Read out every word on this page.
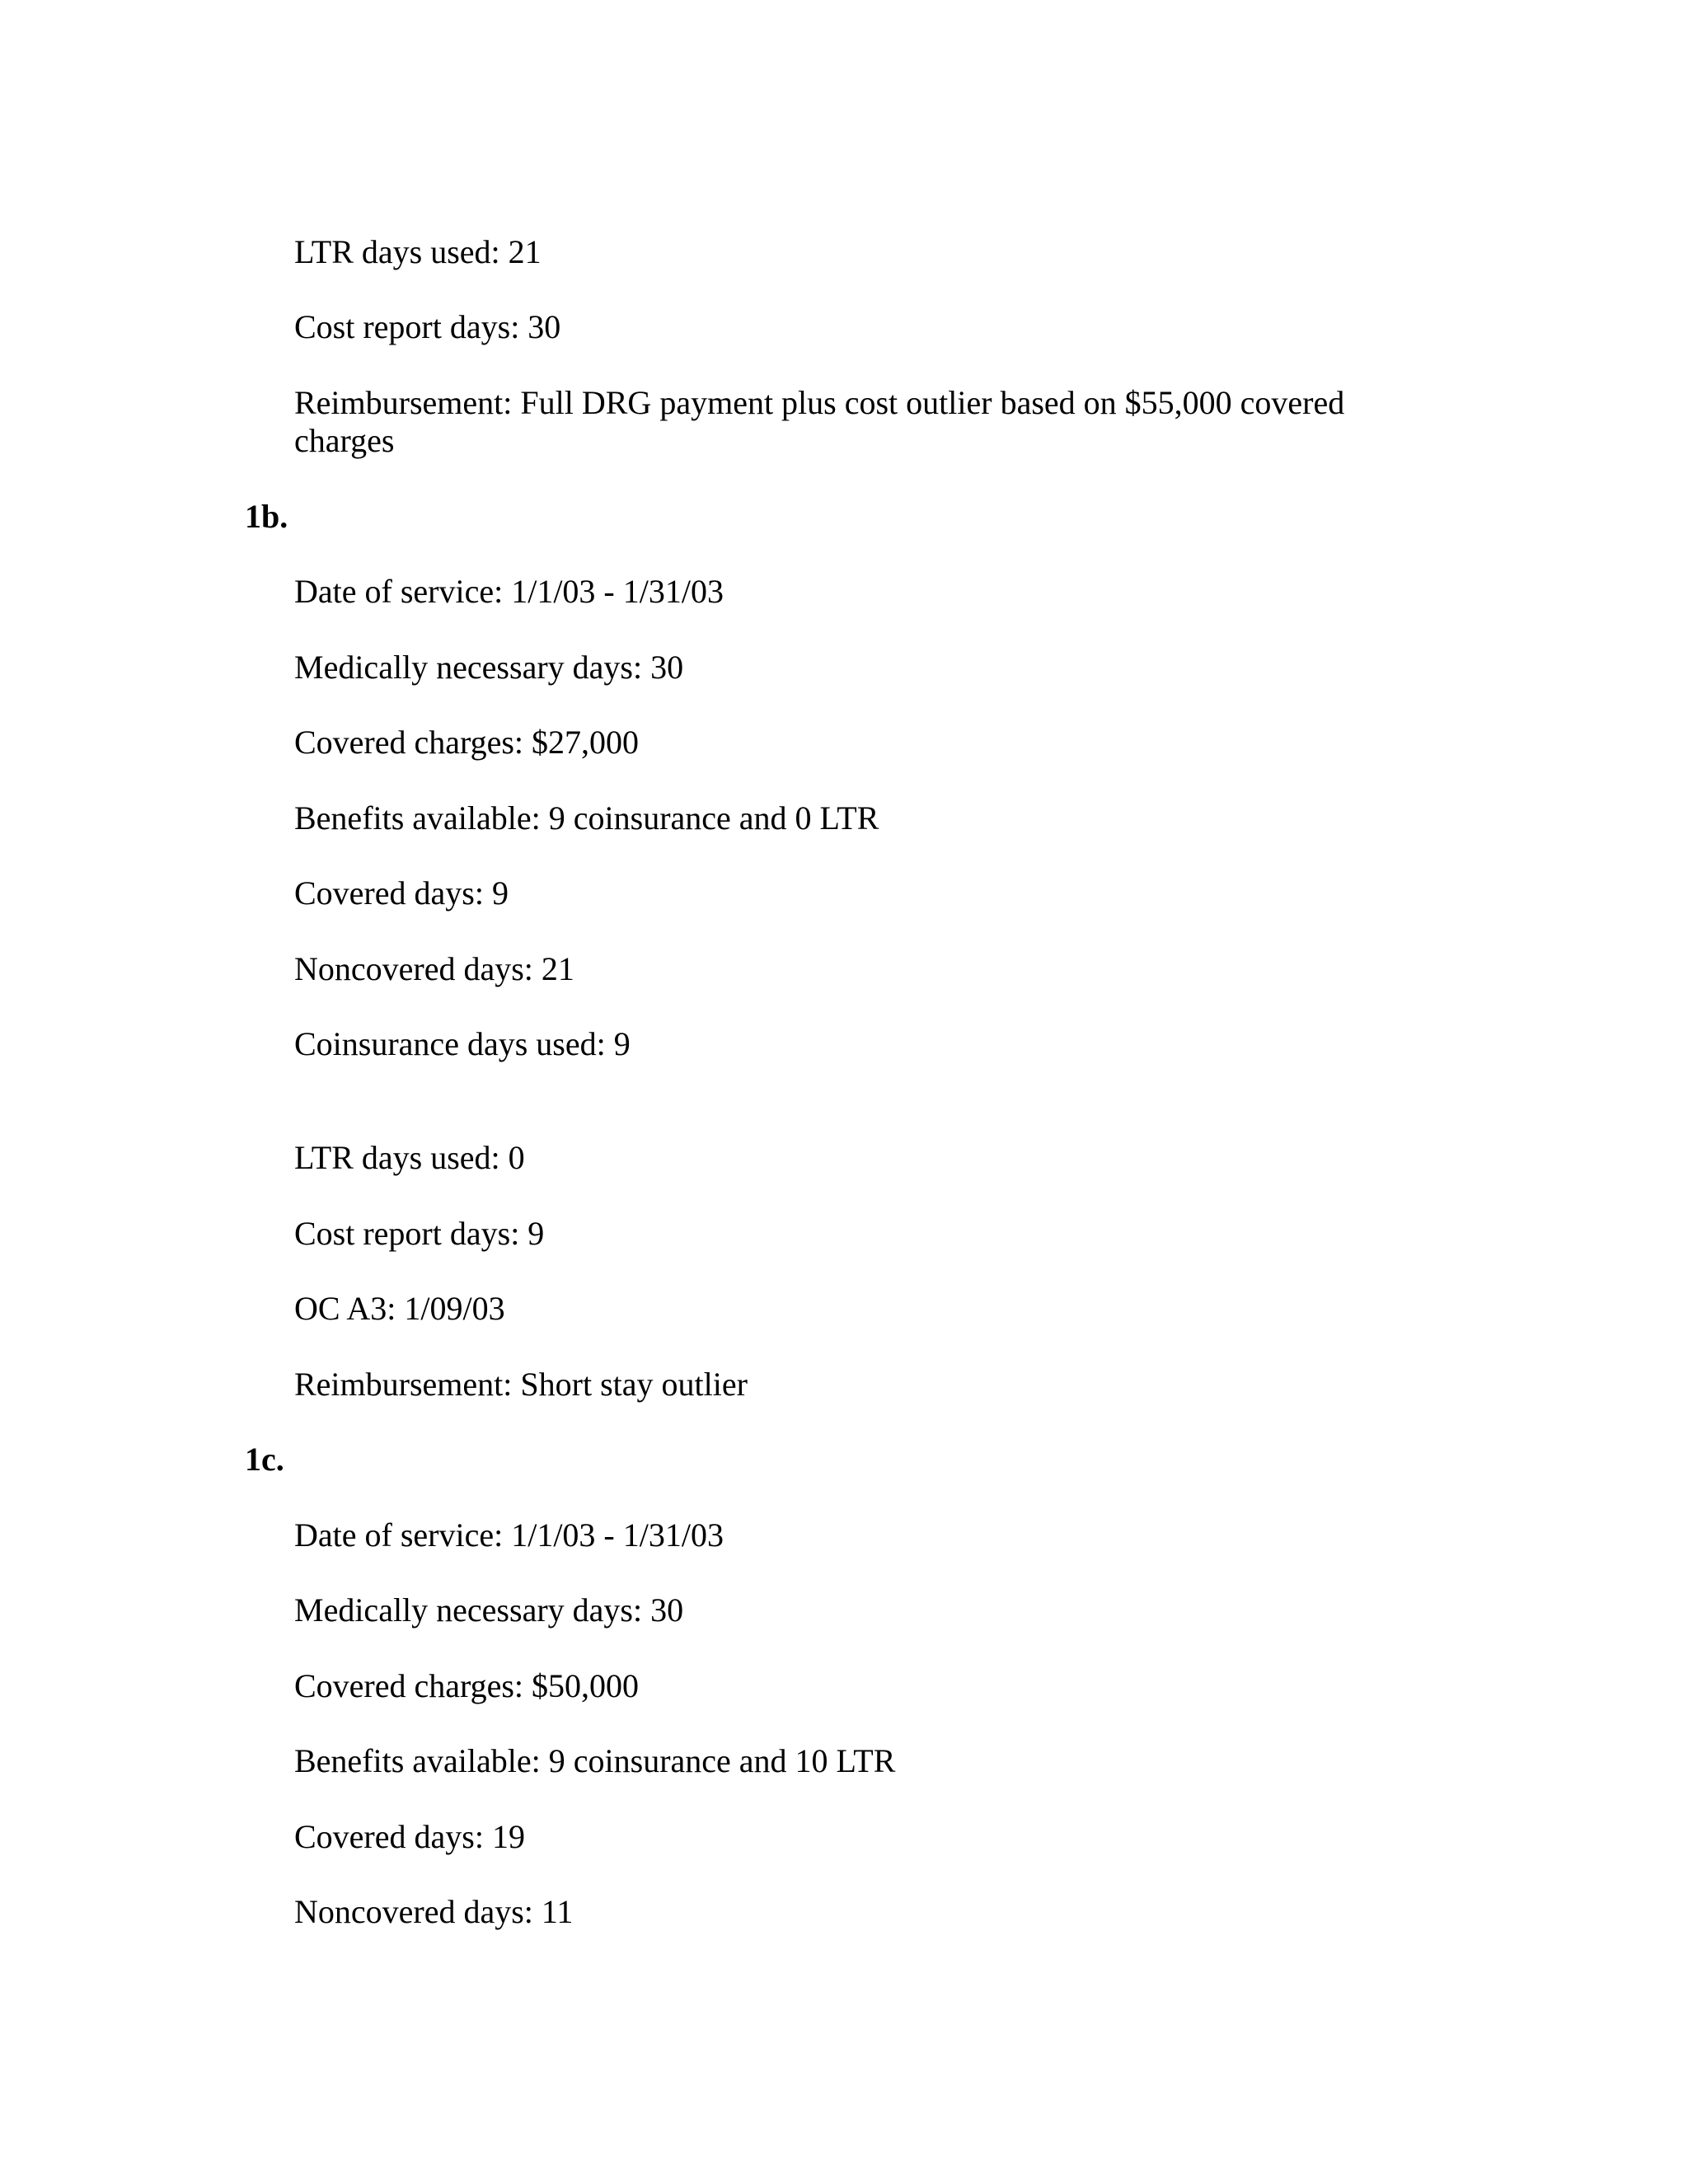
LTR days used: 21
Cost report days: 30
Reimbursement: Full DRG payment plus cost outlier based on $55,000 covered charges
1b.
Date of service: 1/1/03 - 1/31/03
Medically necessary days: 30
Covered charges: $27,000
Benefits available: 9 coinsurance and 0 LTR
Covered days: 9
Noncovered days: 21
Coinsurance days used: 9
LTR days used: 0
Cost report days: 9
OC A3: 1/09/03
Reimbursement: Short stay outlier
1c.
Date of service: 1/1/03 - 1/31/03
Medically necessary days: 30
Covered charges: $50,000
Benefits available: 9 coinsurance and 10 LTR
Covered days: 19
Noncovered days: 11
